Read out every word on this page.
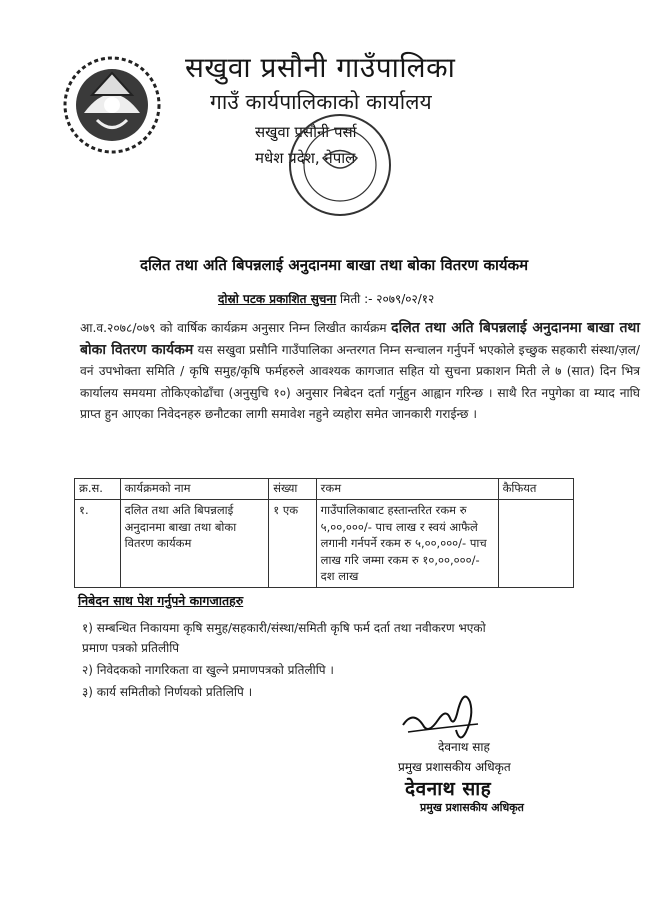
सखुवा प्रसौनी गाउँपालिका
गाउँ कार्यपालिकाको कार्यालय
सखुवा प्रसौनी पर्सा
मधेश प्रदेश, नेपाल
दलित तथा अति बिपन्नलाई अनुदानमा बाखा तथा बोका वितरण कार्यकम
दोस्रो पटक प्रकाशित सुचना मिती :- २०७९/०२/१२
आ.व.२०७८/०७९ को वार्षिक कार्यक्रम अनुसार निम्न लिखीत कार्यक्रम दलित तथा अति बिपन्नलाई अनुदानमा बाखा तथा बोका वितरण कार्यकम यस सखुवा प्रसौनि गाउँपालिका अन्तरगत निम्न सन्चालन गर्नुपर्ने भएकोले इच्छुक सहकारी संस्था/ज़ल/वनं उपभोक्ता समिति / कृषि समुह/कृषि फर्महरुले आवश्यक कागजात सहित यो सुचना प्रकाशन मिती ले ७ (सात) दिन भित्र कार्यालय समयमा तोकिएकोढाँचा (अनुसुचि १०) अनुसार निबेदन दर्ता गर्नुहुन आह्वान गरिन्छ । साथै रित नपुगेका वा म्याद नाघि प्राप्त हुन आएका निवेदनहरु छनौटका लागी समावेश नहुने व्यहोरा समेत जानकारी गराईन्छ ।
क्र.स.	कार्यक्रमको नाम	संख्या	रकम	कैफियत
१.	दलित तथा अति बिपन्नलाई अनुदानमा बाखा तथा बोका वितरण कार्यकम	१ एक	गाउँपालिकाबाट हस्तान्तरित रकम रु ५,००,०००/- पाच लाख र स्वयं आफैले लगानी गर्नपर्ने रकम रु ५,००,०००/- पाच लाख गरि जम्मा रकम रु १०,००,०००/- दश लाख	
निबेदन साथ पेश गर्नुपने कागजातहरु
१) सम्बन्धित निकायमा कृषि समुह/सहकारी/संस्था/समिती कृषि फर्म दर्ता तथा नवीकरण भएको प्रमाण पत्रको प्रतिलीपि
२) निवेदकको नागरिकता वा खुल्ने प्रमाणपत्रको प्रतिलीपि ।
३) कार्य समितीको निर्णयको प्रतिलिपि ।
देवनाथ साह
प्रमुख प्रशासकीय अधिकृत
देवनाथ साह
प्रमुख प्रशासकीय अधिकृत
